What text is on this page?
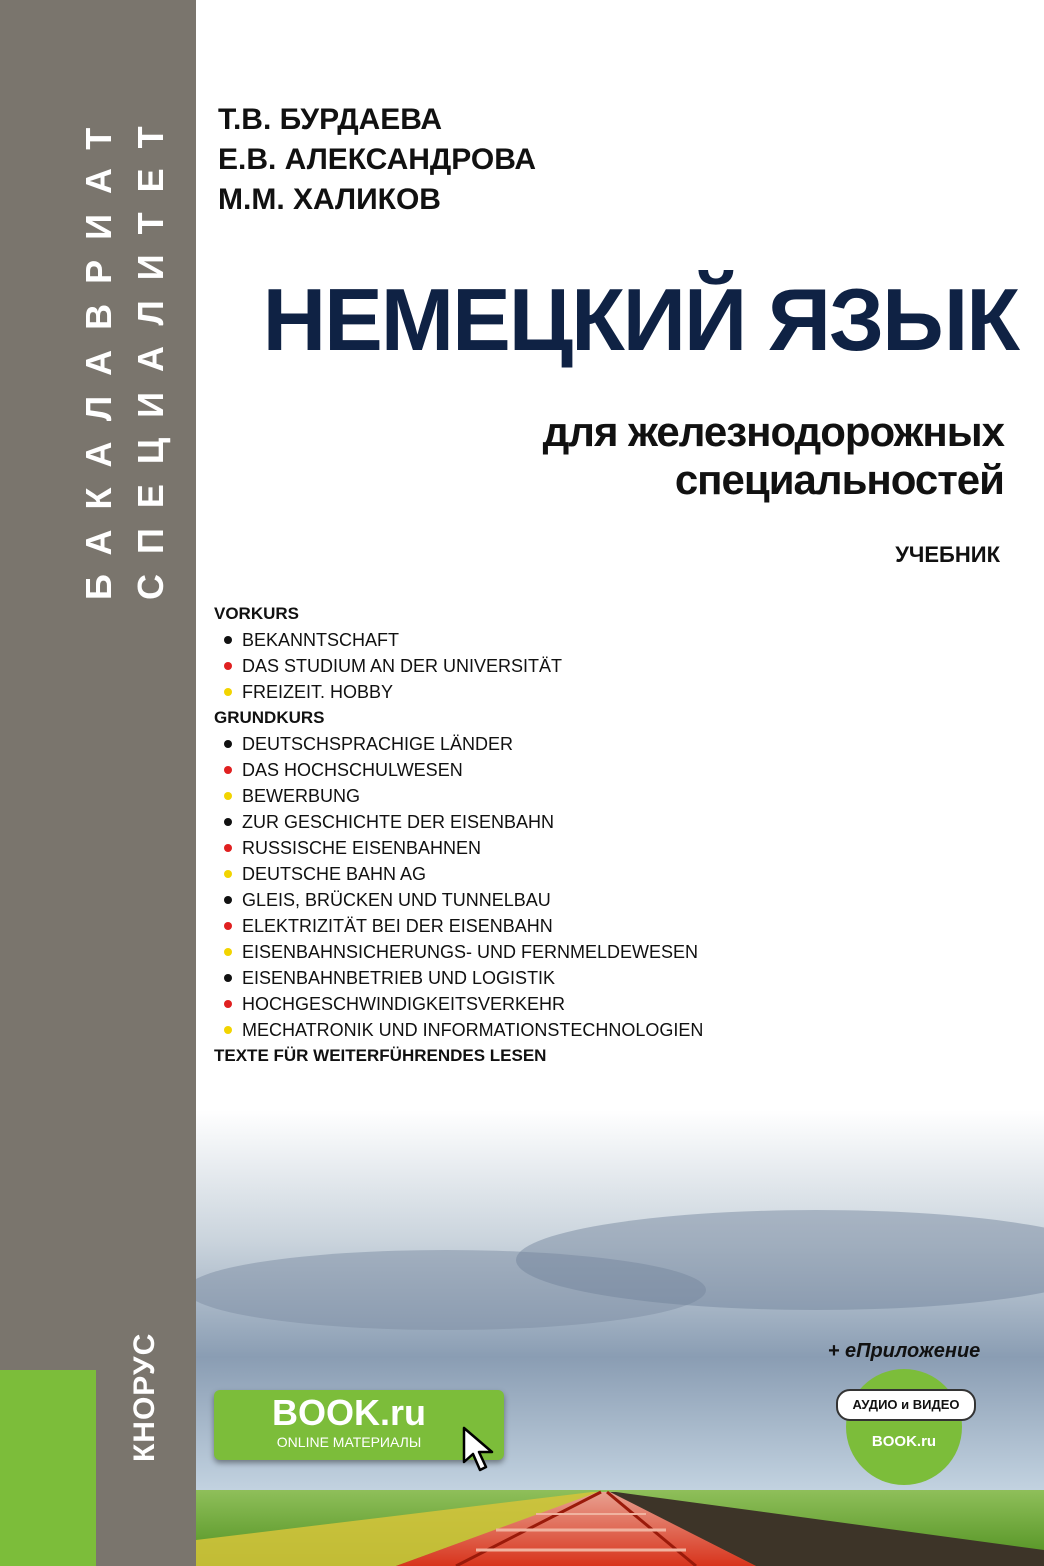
БАКАЛАВРИАТ СПЕЦИАЛИТЕТ
КНОРУС
Т.В. БУРДАЕВА
Е.В. АЛЕКСАНДРОВА
М.М. ХАЛИКОВ
НЕМЕЦКИЙ ЯЗЫК
для железнодорожных специальностей
УЧЕБНИК
VORKURS
BEKANNTSCHAFT
DAS STUDIUM AN DER UNIVERSITÄT
FREIZEIT. HOBBY
GRUNDKURS
DEUTSCHSPRACHIGE LÄNDER
DAS HOCHSCHULWESEN
BEWERBUNG
ZUR GESCHICHTE DER EISENBAHN
RUSSISCHE EISENBAHNEN
DEUTSCHE BAHN AG
GLEIS, BRÜCKEN UND TUNNELBAU
ELEKTRIZITÄT BEI DER EISENBAHN
EISENBAHNSICHERUNGS- UND FERNMELDEWESEN
EISENBAHNBETRIEB UND LOGISTIK
HOCHGESCHWINDIGKEITSVERKEHR
MECHATRONIK UND INFORMATIONSTECHNOLOGIEN
TEXTE FÜR WEITERFÜHRENDES LESEN
+ еПриложение
АУДИО и ВИДЕО
BOOK.ru
BOOK.ru
ONLINE МАТЕРИАЛЫ
